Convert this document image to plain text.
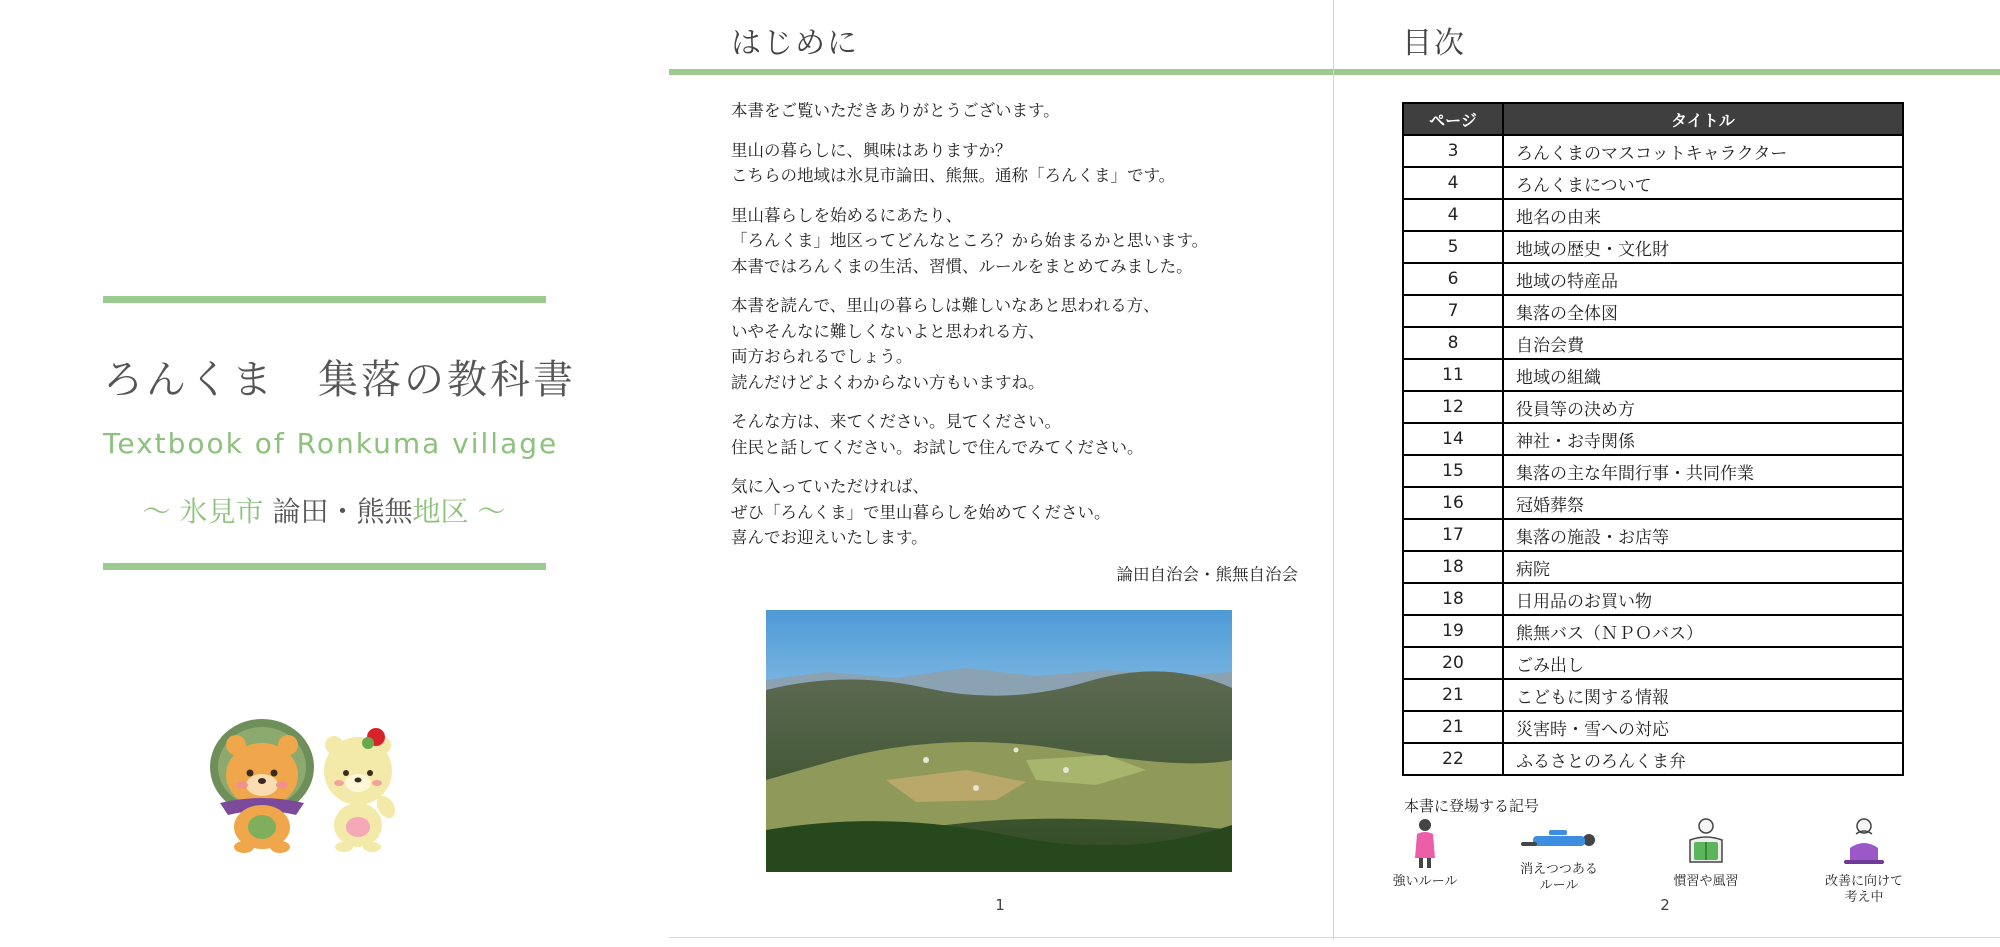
ろんくま　集落の教科書
Textbook of Ronkuma village
～ 氷見市 論田・熊無地区 ～
はじめに

本書をご覧いただきありがとうございます。

里山の暮らしに、興味はありますか？
こちらの地域は氷見市論田、熊無。通称「ろんくま」です。

里山暮らしを始めるにあたり、
「ろんくま」地区ってどんなところ？から始まるかと思います。
本書ではろんくまの生活、習慣、ルールをまとめてみました。

本書を読んで、里山の暮らしは難しいなあと思われる方、
いやそんなに難しくないよと思われる方、
両方おられるでしょう。
読んだけどよくわからない方もいますね。

そんな方は、来てください。見てください。
住民と話してください。お試しで住んでみてください。

気に入っていただければ、
ぜひ「ろんくま」で里山暮らしを始めてください。
喜んでお迎えいたします。

論田自治会・熊無自治会
1
目次
ページ	タイトル
3	ろんくまのマスコットキャラクター
4	ろんくまについて
4	地名の由来
5	地域の歴史・文化財
6	地域の特産品
7	集落の全体図
8	自治会費
11	地域の組織
12	役員等の決め方
14	神社・お寺関係
15	集落の主な年間行事・共同作業
16	冠婚葬祭
17	集落の施設・お店等
18	病院
18	日用品のお買い物
19	熊無バス（ＮＰＯバス）
20	ごみ出し
21	こどもに関する情報
21	災害時・雪への対応
22	ふるさとのろんくま弁
本書に登場する記号
強いルール
消えつつある
ルール	慣習や風習	改善に向けて
考え中
2
